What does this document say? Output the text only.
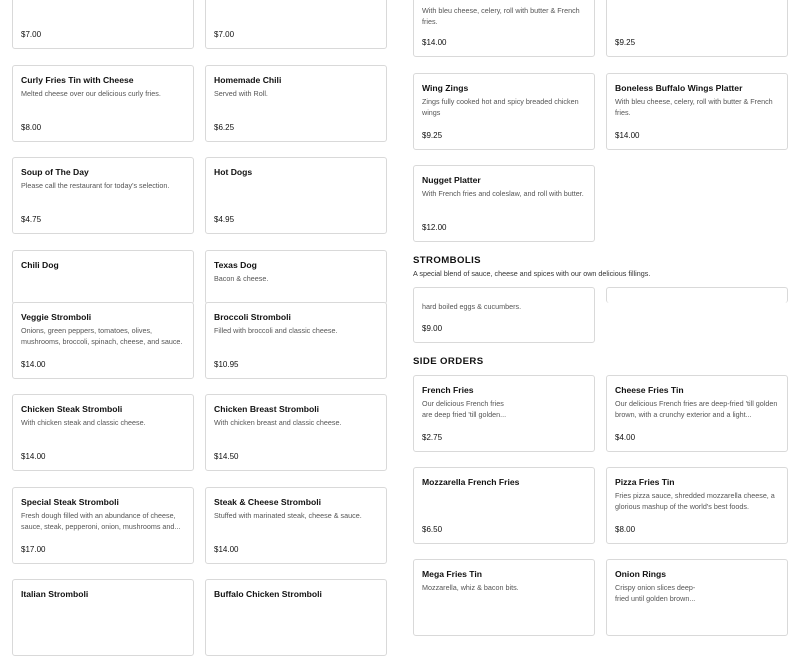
$7.00
Curly Fries Tin with Cheese
Melted cheese over our delicious curly fries.
$8.00
Soup of The Day
Please call the restaurant for today's selection.
$4.75
Chili Dog
Veggie Stromboli
Onions, green peppers, tomatoes, olives, mushrooms, broccoli, spinach, cheese, and sauce.
$14.00
Chicken Steak Stromboli
With chicken steak and classic cheese.
$14.00
Special Steak Stromboli
Fresh dough filled with an abundance of cheese, sauce, steak, pepperoni, onion, mushrooms and...
$17.00
Italian Stromboli
$7.00
Homemade Chili
Served with Roll.
$6.25
Hot Dogs
$4.95
Texas Dog
Bacon & cheese.
Broccoli Stromboli
Filled with broccoli and classic cheese.
$10.95
Chicken Breast Stromboli
With chicken breast and classic cheese.
$14.50
Steak & Cheese Stromboli
Stuffed with marinated steak, cheese & sauce.
$14.00
Buffalo Chicken Stromboli
With bleu cheese, celery, roll with butter & French fries.
$14.00
Wing Zings
Zings fully cooked hot and spicy breaded chicken wings
$9.25
Nugget Platter
With French fries and coleslaw, and roll with butter.
$12.00
$9.25
Boneless Buffalo Wings Platter
With bleu cheese, celery, roll with butter & French fries.
$14.00
STROMBOLIS
A special blend of sauce, cheese and spices with our own delicious fillings.
hard boiled eggs & cucumbers.
$9.00
SIDE ORDERS
French Fries
Our delicious French fries are deep fried 'till golden...
$2.75
Mozzarella French Fries
$6.50
Mega Fries Tin
Mozzarella, whiz & bacon bits.
Cheese Fries Tin
Our delicious French fries are deep-fried 'till golden brown, with a crunchy exterior and a light...
$4.00
Pizza Fries Tin
Fries pizza sauce, shredded mozzarella cheese, a glorious mashup of the world's best foods.
$8.00
Onion Rings
Crispy onion slices deep-fried until golden brown...
